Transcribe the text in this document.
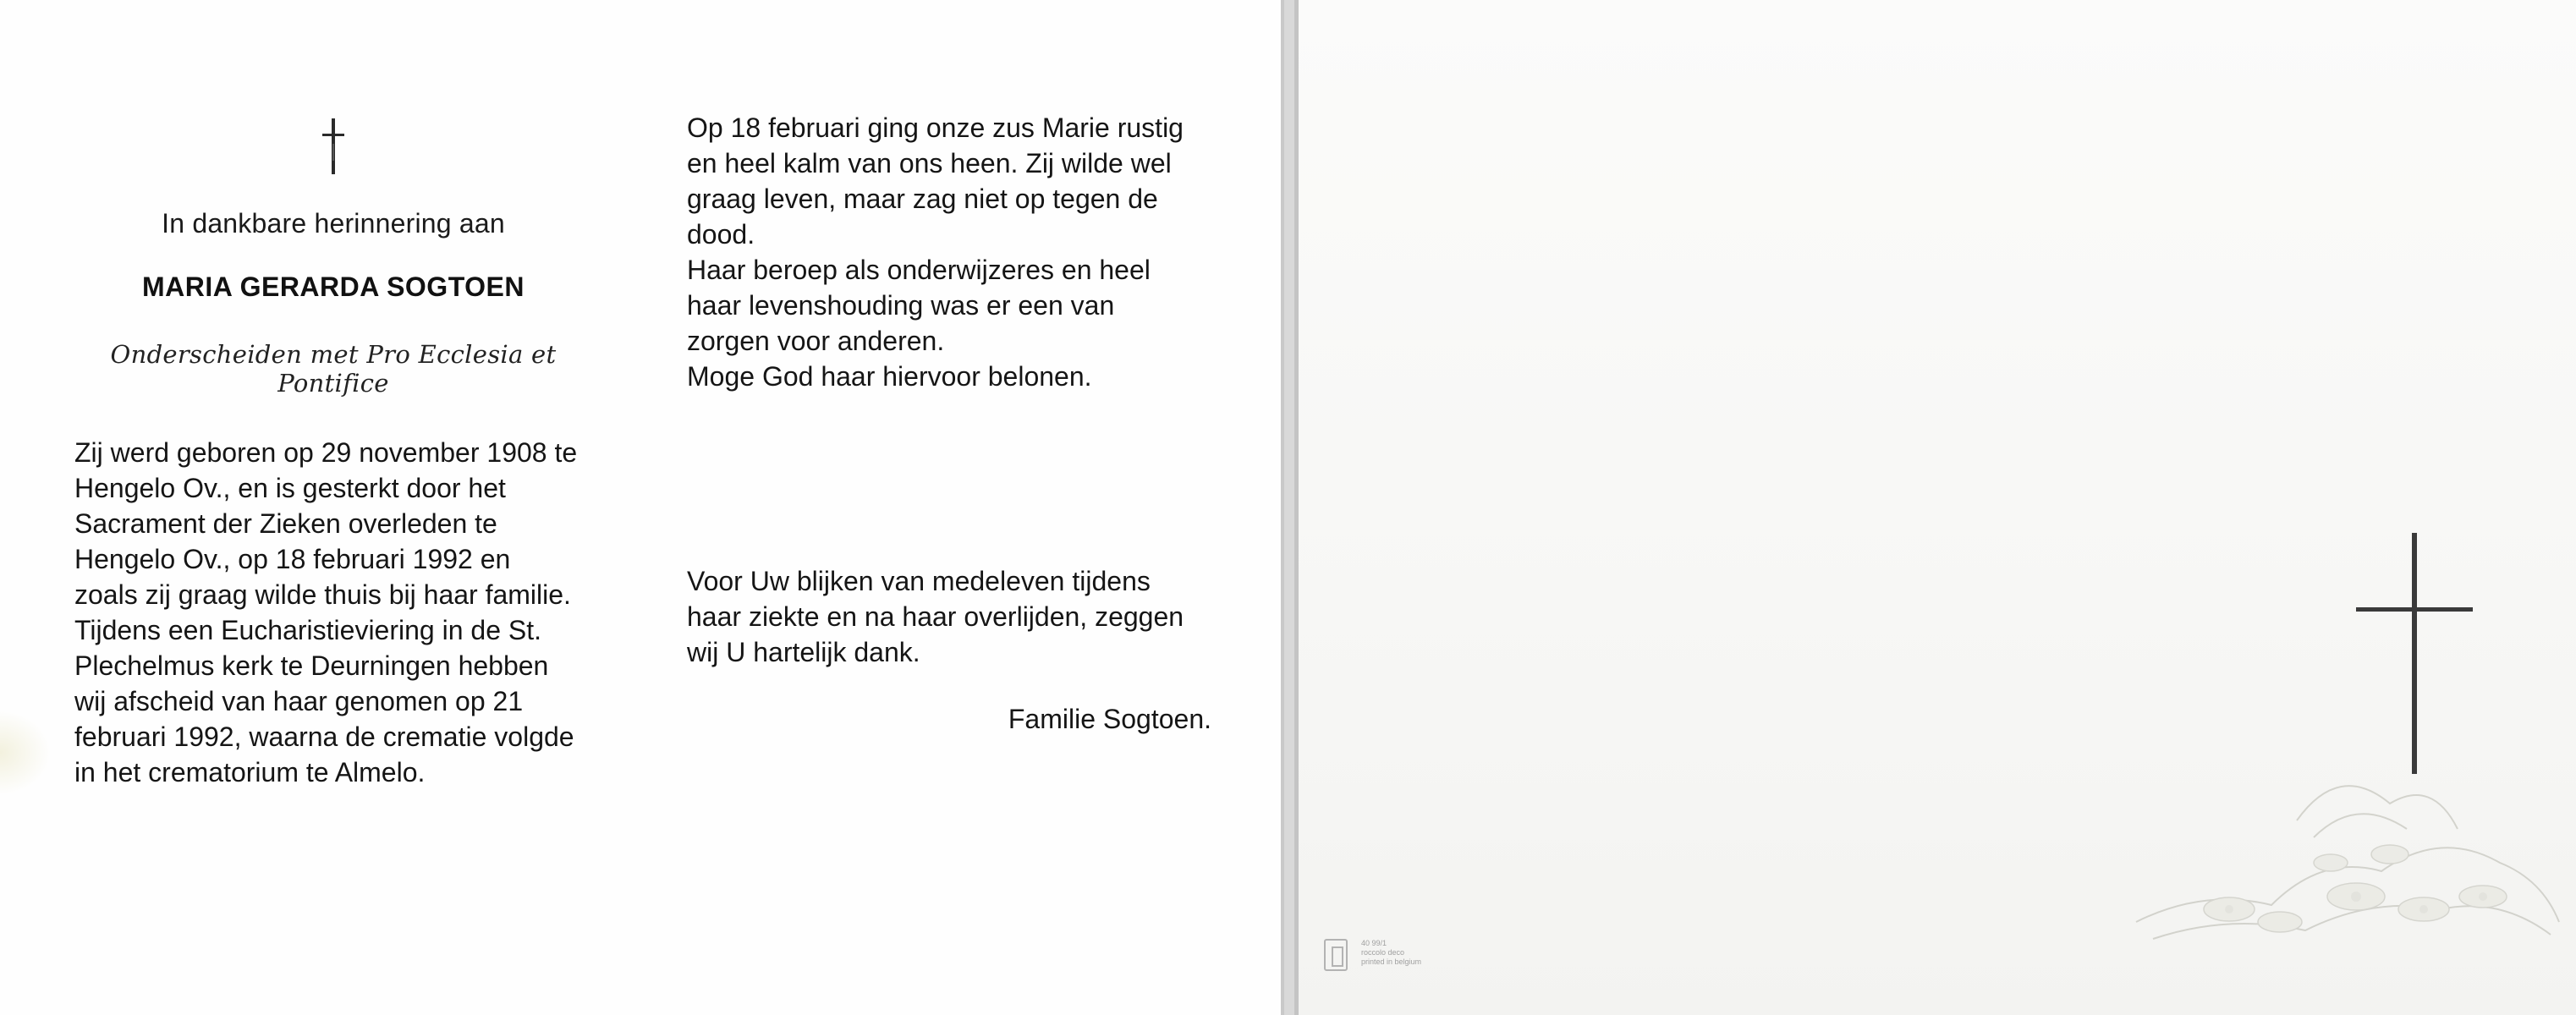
In dankbare herinnering aan
MARIA GERARDA SOGTOEN
Onderscheiden met Pro Ecclesia et Pontifice

Zij werd geboren op 29 november 1908 te
Hengelo Ov., en is gesterkt door het
Sacrament der Zieken overleden te
Hengelo Ov., op 18 februari 1992 en
zoals zij graag wilde thuis bij haar familie.
Tijdens een Eucharistieviering in de St.
Plechelmus kerk te Deurningen hebben
wij afscheid van haar genomen op 21
februari 1992, waarna de crematie volgde
in het crematorium te Almelo.

Op 18 februari ging onze zus Marie rustig
en heel kalm van ons heen. Zij wilde wel
graag leven, maar zag niet op tegen de
dood.
Haar beroep als onderwijzeres en heel
haar levenshouding was er een van
zorgen voor anderen.
Moge God haar hiervoor belonen.

Voor Uw blijken van medeleven tijdens
haar ziekte en na haar overlijden, zeggen
wij U hartelijk dank.

Familie Sogtoen.
40 99/1
roccolo deco
printed in belgium
